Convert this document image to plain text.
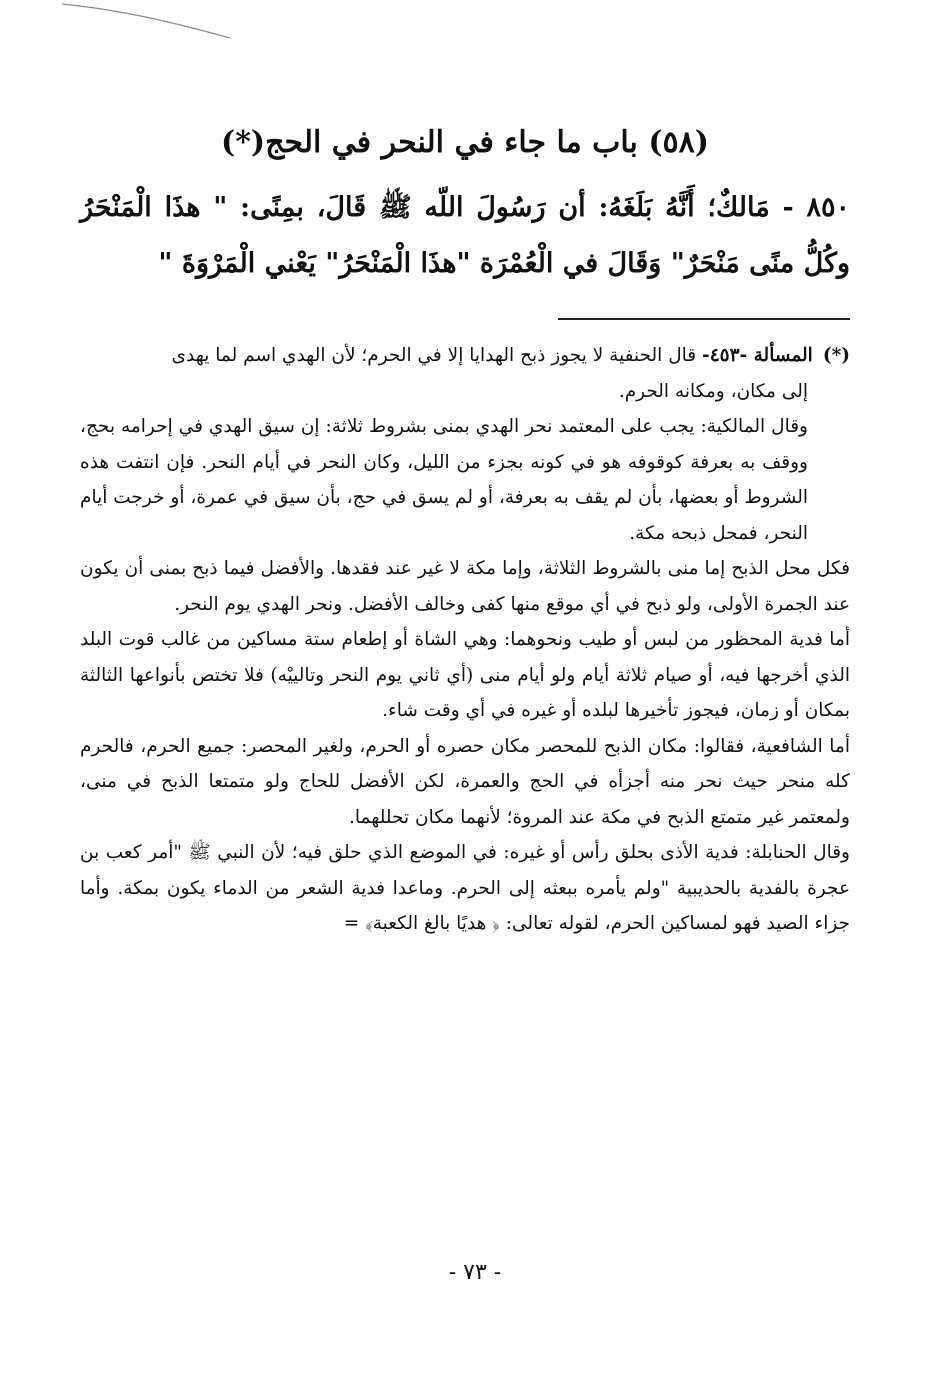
(٥٨) باب ما جاء في النحر في الحج(*)

٨٥٠ - مَالكٌ؛ أَنَّهُ بَلَغَهُ: أن رَسُولَ اللّه ﷺ قَالَ، بمِنًى: " هذَا الْمَنْحَرُ وكُلُّ منًى مَنْحَرٌ" وَقَالَ في الْعُمْرَة "هذَا الْمَنْحَرُ" يَعْني الْمَرْوَةَ "

(*)المسألة -٤٥٣- قال الحنفية لا يجوز ذبح الهدايا إلا في الحرم؛ لأن الهدي اسم لما يهدى

إلى مكان، ومكانه الحرم.

وقال المالكية: يجب على المعتمد نحر الهدي بمنى بشروط ثلاثة: إن سيق الهدي في إحرامه بحج، ووقف به بعرفة كوقوفه هو في كونه بجزء من الليل، وكان النحر في أيام النحر. فإن انتفت هذه الشروط أو بعضها، بأن لم يقف به بعرفة، أو لم يسق في حج، بأن سيق في عمرة، أو خرجت أيام النحر، فمحل ذبحه مكة.

فكل محل الذبح إما منى بالشروط الثلاثة، وإما مكة لا غير عند فقدها. والأفضل فيما ذبح بمنى أن يكون عند الجمرة الأولى، ولو ذبح في أي موقع منها كفى وخالف الأفضل. ونحر الهدي يوم النحر.

أما فدية المحظور من لبس أو طيب ونحوهما: وهي الشاة أو إطعام ستة مساكين من غالب قوت البلد الذي أخرجها فيه، أو صيام ثلاثة أيام ولو أيام منى (أي ثاني يوم النحر وتالييْه) فلا تختص بأنواعها الثالثة بمكان أو زمان، فيجوز تأخيرها لبلده أو غيره في أي وقت شاء.

أما الشافعية، فقالوا: مكان الذبح للمحصر مكان حصره أو الحرم، ولغير المحصر: جميع الحرم، فالحرم كله منحر حيث نحر منه أجزأه في الحج والعمرة، لكن الأفضل للحاج ولو متمتعا الذبح في منى، ولمعتمر غير متمتع الذبح في مكة عند المروة؛ لأنهما مكان تحللهما.

وقال الحنابلة: فدية الأذى بحلق رأس أو غيره: في الموضع الذي حلق فيه؛ لأن النبي ﷺ "أمر كعب بن عجرة بالفدية بالحديبية "ولم يأمره ببعثه إلى الحرم. وماعدا فدية الشعر من الدماء يكون بمكة. وأما جزاء الصيد فهو لمساكين الحرم، لقوله تعالى: ﴿ هديًا بالغ الكعبة﴾ =

- ٧٣ -
